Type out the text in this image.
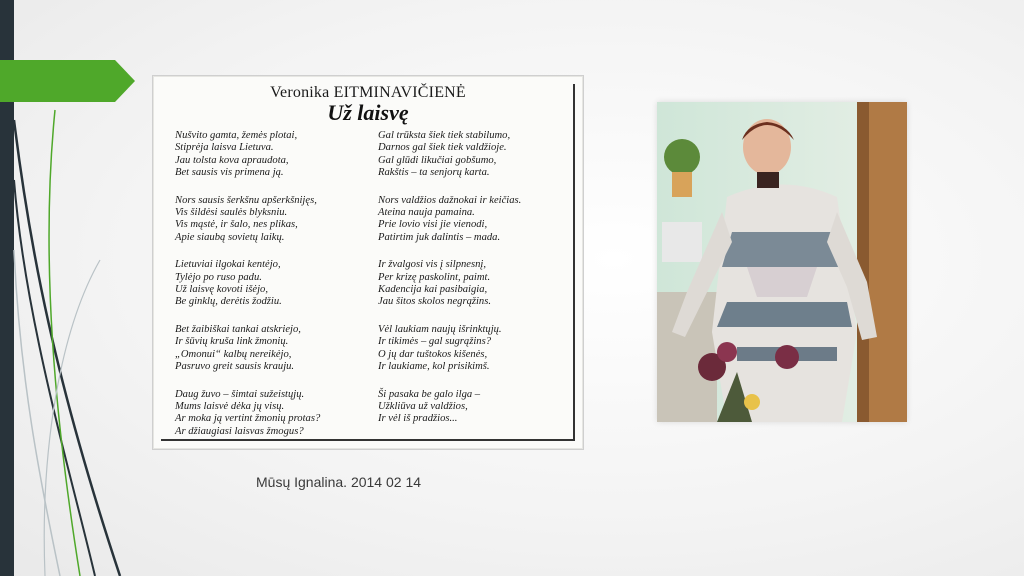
Veronika EITMINAVIČIENĖ
Už laisvę
Nušvito gamta, žemės plotai,
Stiprėja laisva Lietuva.
Jau tolsta kova apraudota,
Bet sausis vis primena ją.
Nors sausis šerkšnu apšerkšnijęs,
Vis šildėsi saulės blyksniu.
Vis mąstė, ir šalo, nes plikas,
Apie siaubą sovietų laikų.
Lietuviai ilgokai kentėjo,
Tylėjo po ruso padu.
Už laisvę kovoti išėjo,
Be ginklų, derėtis žodžiu.
Bet žaibiškai tankai atskriejo,
Ir šūvių kruša link žmonių.
„Omonui“ kalbų nereikėjo,
Pasruvo greit sausis krauju.
Daug žuvo – šimtai sužeistųjų.
Mums laisvė dėka jų visų.
Ar moka ją vertint žmonių protas?
Ar džiaugiasi laisvas žmogus?
Gal trūksta šiek tiek stabilumo,
Darnos gal šiek tiek valdžioje.
Gal glūdi likučiai gobšumo,
Rakštis – ta senjorų karta.
Nors valdžios dažnokai ir keičias.
Ateina nauja pamaina.
Prie lovio visi jie vienodi,
Patirtim juk dalintis – mada.
Ir žvalgosi vis į silpnesnį,
Per krizę paskolint, paimt.
Kadencija kai pasibaigia,
Jau šitos skolos negrąžins.
Vėl laukiam naujų išrinktųjų.
Ir tikimės – gal sugrąžins?
O jų dar tuštokos kišenės,
Ir laukiame, kol prisikimš.
Ši pasaka be galo ilga –
Užkliūva už valdžios,
Ir vėl iš pradžios...
Mūsų Ignalina. 2014 02 14
